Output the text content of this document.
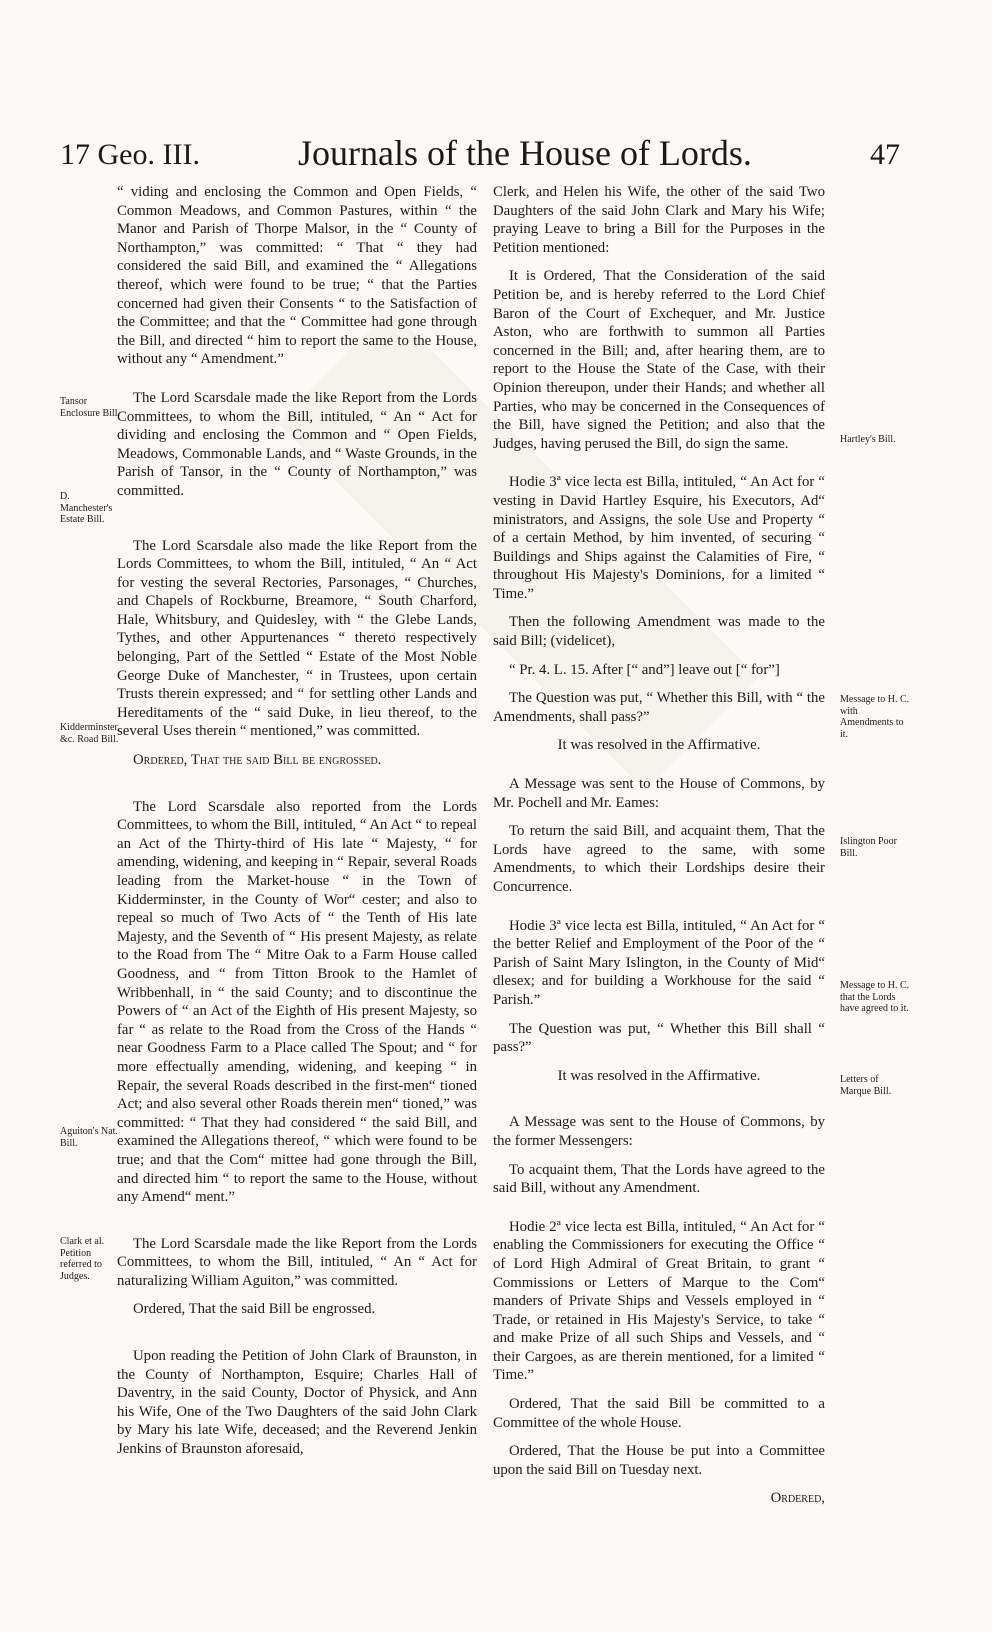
17 Geo. III.	Journals of the House of Lords.	47
Tansor Enclosure Bill.
D. Manchester's Estate Bill.
Kidderminster, &c. Road Bill.
Aguiton's Nat. Bill.
Clark et al. Petition referred to Judges.
Hartley's Bill.
Message to H. C. with Amendments to it.
Islington Poor Bill.
Message to H. C. that the Lords have agreed to it.
Letters of Marque Bill.

“ viding and enclosing the Common and Open Fields, “ Common Meadows, and Common Pastures, within “ the Manor and Parish of Thorpe Malsor, in the “ County of Northampton,” was committed: “ That “ they had considered the said Bill, and examined the “ Allegations thereof, which were found to be true; “ that the Parties concerned had given their Consents “ to the Satisfaction of the Committee; and that the “ Committee had gone through the Bill, and directed “ him to report the same to the House, without any “ Amendment.”

The Lord Scarsdale made the like Report from the Lords Committees, to whom the Bill, intituled, “ An “ Act for dividing and enclosing the Common and “ Open Fields, Meadows, Commonable Lands, and “ Waste Grounds, in the Parish of Tansor, in the “ County of Northampton,” was committed.

The Lord Scarsdale also made the like Report from the Lords Committees, to whom the Bill, intituled, “ An “ Act for vesting the several Rectories, Parsonages, “ Churches, and Chapels of Rockburne, Breamore, “ South Charford, Hale, Whitsbury, and Quidesley, with “ the Glebe Lands, Tythes, and other Appurtenances “ thereto respectively belonging, Part of the Settled “ Estate of the Most Noble George Duke of Manchester, “ in Trustees, upon certain Trusts therein expressed; and “ for settling other Lands and Hereditaments of the “ said Duke, in lieu thereof, to the several Uses therein “ mentioned,” was committed.

Ordered, That the said Bill be engrossed.

The Lord Scarsdale also reported from the Lords Committees, to whom the Bill, intituled, “ An Act “ to repeal an Act of the Thirty-third of His late “ Majesty, “ for amending, widening, and keeping in “ Repair, several Roads leading from the Market-house “ in the Town of Kidderminster, in the County of Wor“ cester; and also to repeal so much of Two Acts of “ the Tenth of His late Majesty, and the Seventh of “ His present Majesty, as relate to the Road from The “ Mitre Oak to a Farm House called Goodness, and “ from Titton Brook to the Hamlet of Wribbenhall, in “ the said County; and to discontinue the Powers of “ an Act of the Eighth of His present Majesty, so far “ as relate to the Road from the Cross of the Hands “ near Goodness Farm to a Place called The Spout; and “ for more effectually amending, widening, and keeping “ in Repair, the several Roads described in the first-men“ tioned Act; and also several other Roads therein men“ tioned,” was committed: “ That they had considered “ the said Bill, and examined the Allegations thereof, “ which were found to be true; and that the Com“ mittee had gone through the Bill, and directed him “ to report the same to the House, without any Amend“ ment.”

The Lord Scarsdale made the like Report from the Lords Committees, to whom the Bill, intituled, “ An “ Act for naturalizing William Aguiton,” was committed.

Ordered, That the said Bill be engrossed.

Upon reading the Petition of John Clark of Braunston, in the County of Northampton, Esquire; Charles Hall of Daventry, in the said County, Doctor of Physick, and Ann his Wife, One of the Two Daughters of the said John Clark by Mary his late Wife, deceased; and the Reverend Jenkin Jenkins of Braunston aforesaid,

Clerk, and Helen his Wife, the other of the said Two Daughters of the said John Clark and Mary his Wife; praying Leave to bring a Bill for the Purposes in the Petition mentioned:

It is Ordered, That the Consideration of the said Petition be, and is hereby referred to the Lord Chief Baron of the Court of Exchequer, and Mr. Justice Aston, who are forthwith to summon all Parties concerned in the Bill; and, after hearing them, are to report to the House the State of the Case, with their Opinion thereupon, under their Hands; and whether all Parties, who may be concerned in the Consequences of the Bill, have signed the Petition; and also that the Judges, having perused the Bill, do sign the same.

Hodie 3ª vice lecta est Billa, intituled, “ An Act for “ vesting in David Hartley Esquire, his Executors, Ad“ ministrators, and Assigns, the sole Use and Property “ of a certain Method, by him invented, of securing “ Buildings and Ships against the Calamities of Fire, “ throughout His Majesty's Dominions, for a limited “ Time.”

Then the following Amendment was made to the said Bill; (videlicet),

“ Pr. 4. L. 15. After [“ and”] leave out [“ for”]

The Question was put, “ Whether this Bill, with “ the Amendments, shall pass?”

It was resolved in the Affirmative.

A Message was sent to the House of Commons, by Mr. Pochell and Mr. Eames:

To return the said Bill, and acquaint them, That the Lords have agreed to the same, with some Amendments, to which their Lordships desire their Concurrence.

Hodie 3ª vice lecta est Billa, intituled, “ An Act for “ the better Relief and Employment of the Poor of the “ Parish of Saint Mary Islington, in the County of Mid“ dlesex; and for building a Workhouse for the said “ Parish.”

The Question was put, “ Whether this Bill shall “ pass?”

It was resolved in the Affirmative.

A Message was sent to the House of Commons, by the former Messengers:

To acquaint them, That the Lords have agreed to the said Bill, without any Amendment.

Hodie 2ª vice lecta est Billa, intituled, “ An Act for “ enabling the Commissioners for executing the Office “ of Lord High Admiral of Great Britain, to grant “ Commissions or Letters of Marque to the Com“ manders of Private Ships and Vessels employed in “ Trade, or retained in His Majesty's Service, to take “ and make Prize of all such Ships and Vessels, and “ their Cargoes, as are therein mentioned, for a limited “ Time.”

Ordered, That the said Bill be committed to a Committee of the whole House.

Ordered, That the House be put into a Committee upon the said Bill on Tuesday next.

Ordered,
